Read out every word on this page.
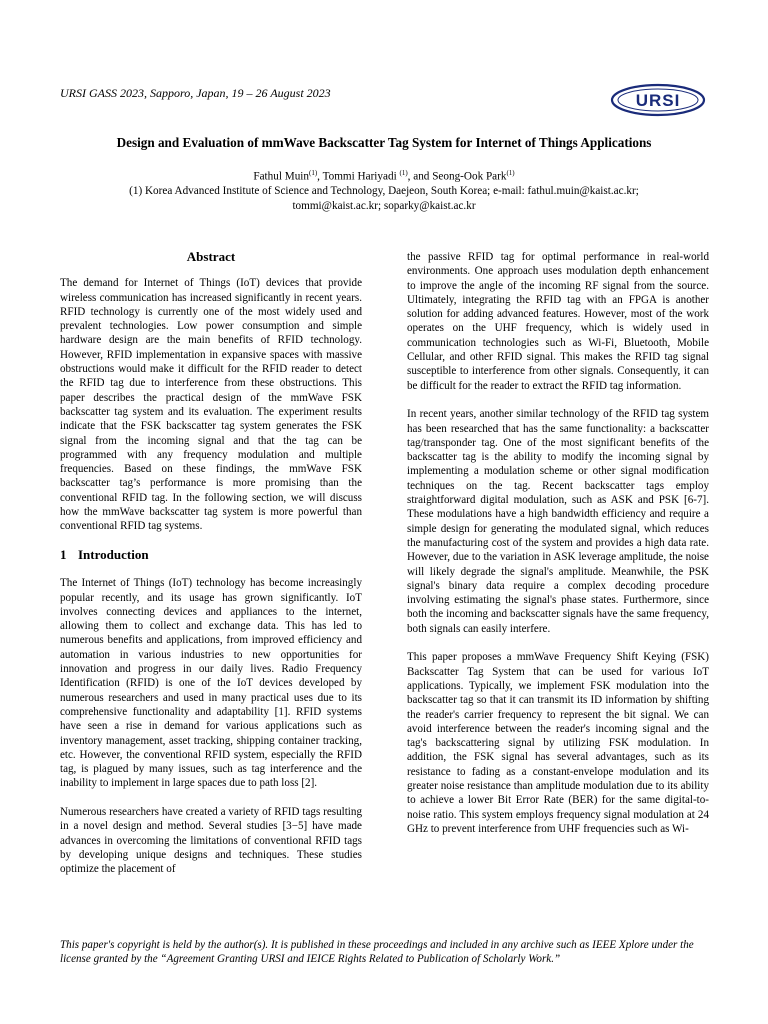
URSI GASS 2023, Sapporo, Japan, 19 – 26 August 2023	URSI
Design and Evaluation of mmWave Backscatter Tag System for Internet of Things Applications
Fathul Muin$^{(1)}$, Tommi Hariyadi $^{(1)}$, and Seong-Ook Park$^{(1)}$
(1) Korea Advanced Institute of Science and Technology, Daejeon, South Korea; e-mail: fathul.muin@kaist.ac.kr;
tommi@kaist.ac.kr; soparky@kaist.ac.kr
Abstract

The demand for Internet of Things (IoT) devices that provide wireless communication has increased significantly in recent years. RFID technology is currently one of the most widely used and prevalent technologies. Low power consumption and simple hardware design are the main benefits of RFID technology. However, RFID implementation in expansive spaces with massive obstructions would make it difficult for the RFID reader to detect the RFID tag due to interference from these obstructions. This paper describes the practical design of the mmWave FSK backscatter tag system and its evaluation. The experiment results indicate that the FSK backscatter tag system generates the FSK signal from the incoming signal and that the tag can be programmed with any frequency modulation and multiple frequencies. Based on these findings, the mmWave FSK backscatter tag’s performance is more promising than the conventional RFID tag. In the following section, we will discuss how the mmWave backscatter tag system is more powerful than conventional RFID tag systems.

1 Introduction

The Internet of Things (IoT) technology has become increasingly popular recently, and its usage has grown significantly. IoT involves connecting devices and appliances to the internet, allowing them to collect and exchange data. This has led to numerous benefits and applications, from improved efficiency and automation in various industries to new opportunities for innovation and progress in our daily lives. Radio Frequency Identification (RFID) is one of the IoT devices developed by numerous researchers and used in many practical uses due to its comprehensive functionality and adaptability [1]. RFID systems have seen a rise in demand for various applications such as inventory management, asset tracking, shipping container tracking, etc. However, the conventional RFID system, especially the RFID tag, is plagued by many issues, such as tag interference and the inability to implement in large spaces due to path loss [2].

Numerous researchers have created a variety of RFID tags resulting in a novel design and method. Several studies [3−5] have made advances in overcoming the limitations of conventional RFID tags by developing unique designs and techniques. These studies optimize the placement of

the passive RFID tag for optimal performance in real-world environments. One approach uses modulation depth enhancement to improve the angle of the incoming RF signal from the source. Ultimately, integrating the RFID tag with an FPGA is another solution for adding advanced features. However, most of the work operates on the UHF frequency, which is widely used in communication technologies such as Wi-Fi, Bluetooth, Mobile Cellular, and other RFID signal. This makes the RFID tag signal susceptible to interference from other signals. Consequently, it can be difficult for the reader to extract the RFID tag information.

In recent years, another similar technology of the RFID tag system has been researched that has the same functionality: a backscatter tag/transponder tag. One of the most significant benefits of the backscatter tag is the ability to modify the incoming signal by implementing a modulation scheme or other signal modification techniques on the tag. Recent backscatter tags employ straightforward digital modulation, such as ASK and PSK [6-7]. These modulations have a high bandwidth efficiency and require a simple design for generating the modulated signal, which reduces the manufacturing cost of the system and provides a high data rate. However, due to the variation in ASK leverage amplitude, the noise will likely degrade the signal's amplitude. Meanwhile, the PSK signal's binary data require a complex decoding procedure involving estimating the signal's phase states. Furthermore, since both the incoming and backscatter signals have the same frequency, both signals can easily interfere.

This paper proposes a mmWave Frequency Shift Keying (FSK) Backscatter Tag System that can be used for various IoT applications. Typically, we implement FSK modulation into the backscatter tag so that it can transmit its ID information by shifting the reader's carrier frequency to represent the bit signal. We can avoid interference between the reader's incoming signal and the tag's backscattering signal by utilizing FSK modulation. In addition, the FSK signal has several advantages, such as its resistance to fading as a constant-envelope modulation and its greater noise resistance than amplitude modulation due to its ability to achieve a lower Bit Error Rate (BER) for the same digital-to-noise ratio. This system employs frequency signal modulation at 24 GHz to prevent interference from UHF frequencies such as Wi-

This paper's copyright is held by the author(s). It is published in these proceedings and included in any archive such as IEEE Xplore under the license granted by the “Agreement Granting URSI and IEICE Rights Related to Publication of Scholarly Work.”
